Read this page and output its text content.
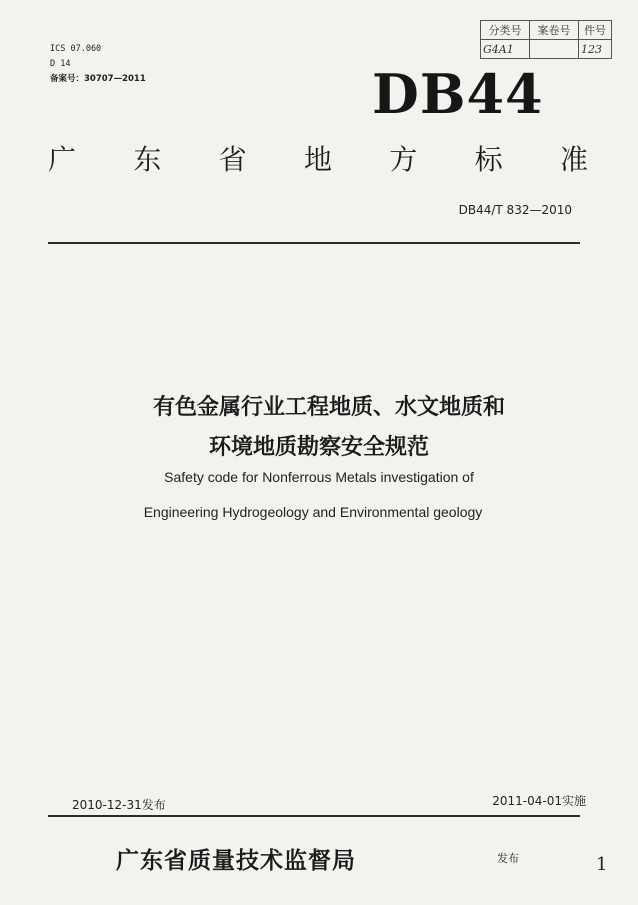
ICS 07.060
D 14
备案号：30707—2011
分类号	案卷号	件号
G4A1		123
DB44
广 东 省 地 方 标 准
DB44/T 832—2010
有色金属行业工程地质、水文地质和
环境地质勘察安全规范
Safety code for Nonferrous Metals investigation of
Engineering Hydrogeology and Environmental geology
2010-12-31发布	2011-04-01实施
广东省质量技术监督局	发布	1
